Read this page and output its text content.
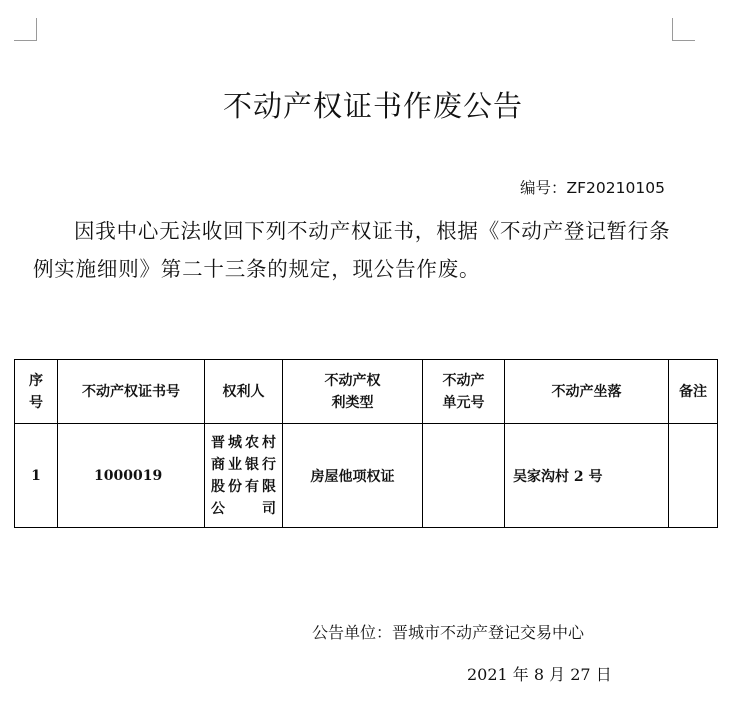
不动产权证书作废公告
编号：ZF20210105
因我中心无法收回下列不动产权证书，根据《不动产登记暂行条例实施细则》第二十三条的规定，现公告作废。
序号	不动产权证书号	权利人	不动产权利类型	不动产单元号	不动产坐落	备注

1	1000019	晋城农村商业银行股份有限公司	房屋他项权证		吴家沟村 2 号	
公告单位：晋城市不动产登记交易中心
2021 年 8 月 27 日
